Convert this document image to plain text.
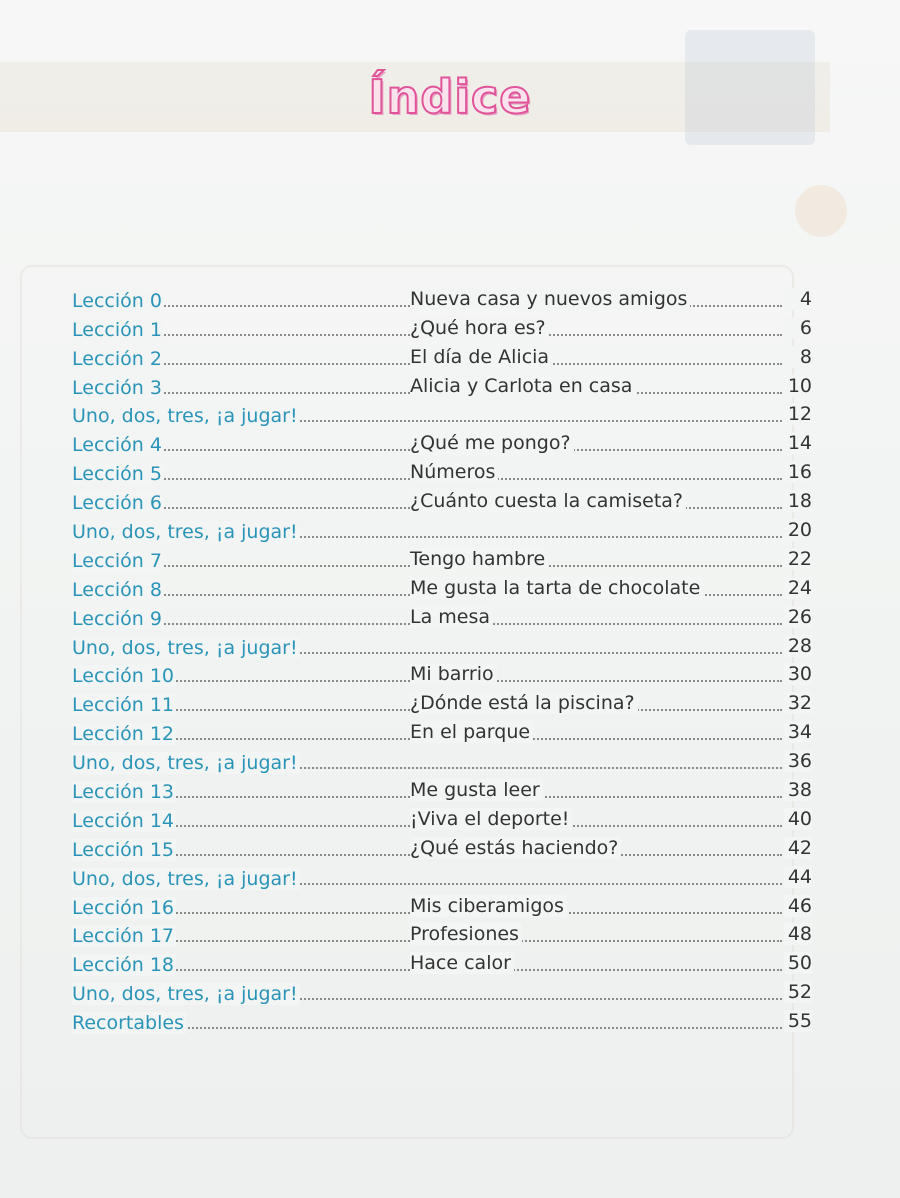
Índice
Lección 0	Nueva casa y nuevos amigos	4
Lección 1	¿Qué hora es?	6
Lección 2	El día de Alicia	8
Lección 3	Alicia y Carlota en casa	10
Uno, dos, tres, ¡a jugar!	12
Lección 4	¿Qué me pongo?	14
Lección 5	Números	16
Lección 6	¿Cuánto cuesta la camiseta?	18
Uno, dos, tres, ¡a jugar!	20
Lección 7	Tengo hambre	22
Lección 8	Me gusta la tarta de chocolate	24
Lección 9	La mesa	26
Uno, dos, tres, ¡a jugar!	28
Lección 10	Mi barrio	30
Lección 11	¿Dónde está la piscina?	32
Lección 12	En el parque	34
Uno, dos, tres, ¡a jugar!	36
Lección 13	Me gusta leer	38
Lección 14	¡Viva el deporte!	40
Lección 15	¿Qué estás haciendo?	42
Uno, dos, tres, ¡a jugar!	44
Lección 16	Mis ciberamigos	46
Lección 17	Profesiones	48
Lección 18	Hace calor	50
Uno, dos, tres, ¡a jugar!	52
Recortables	55
